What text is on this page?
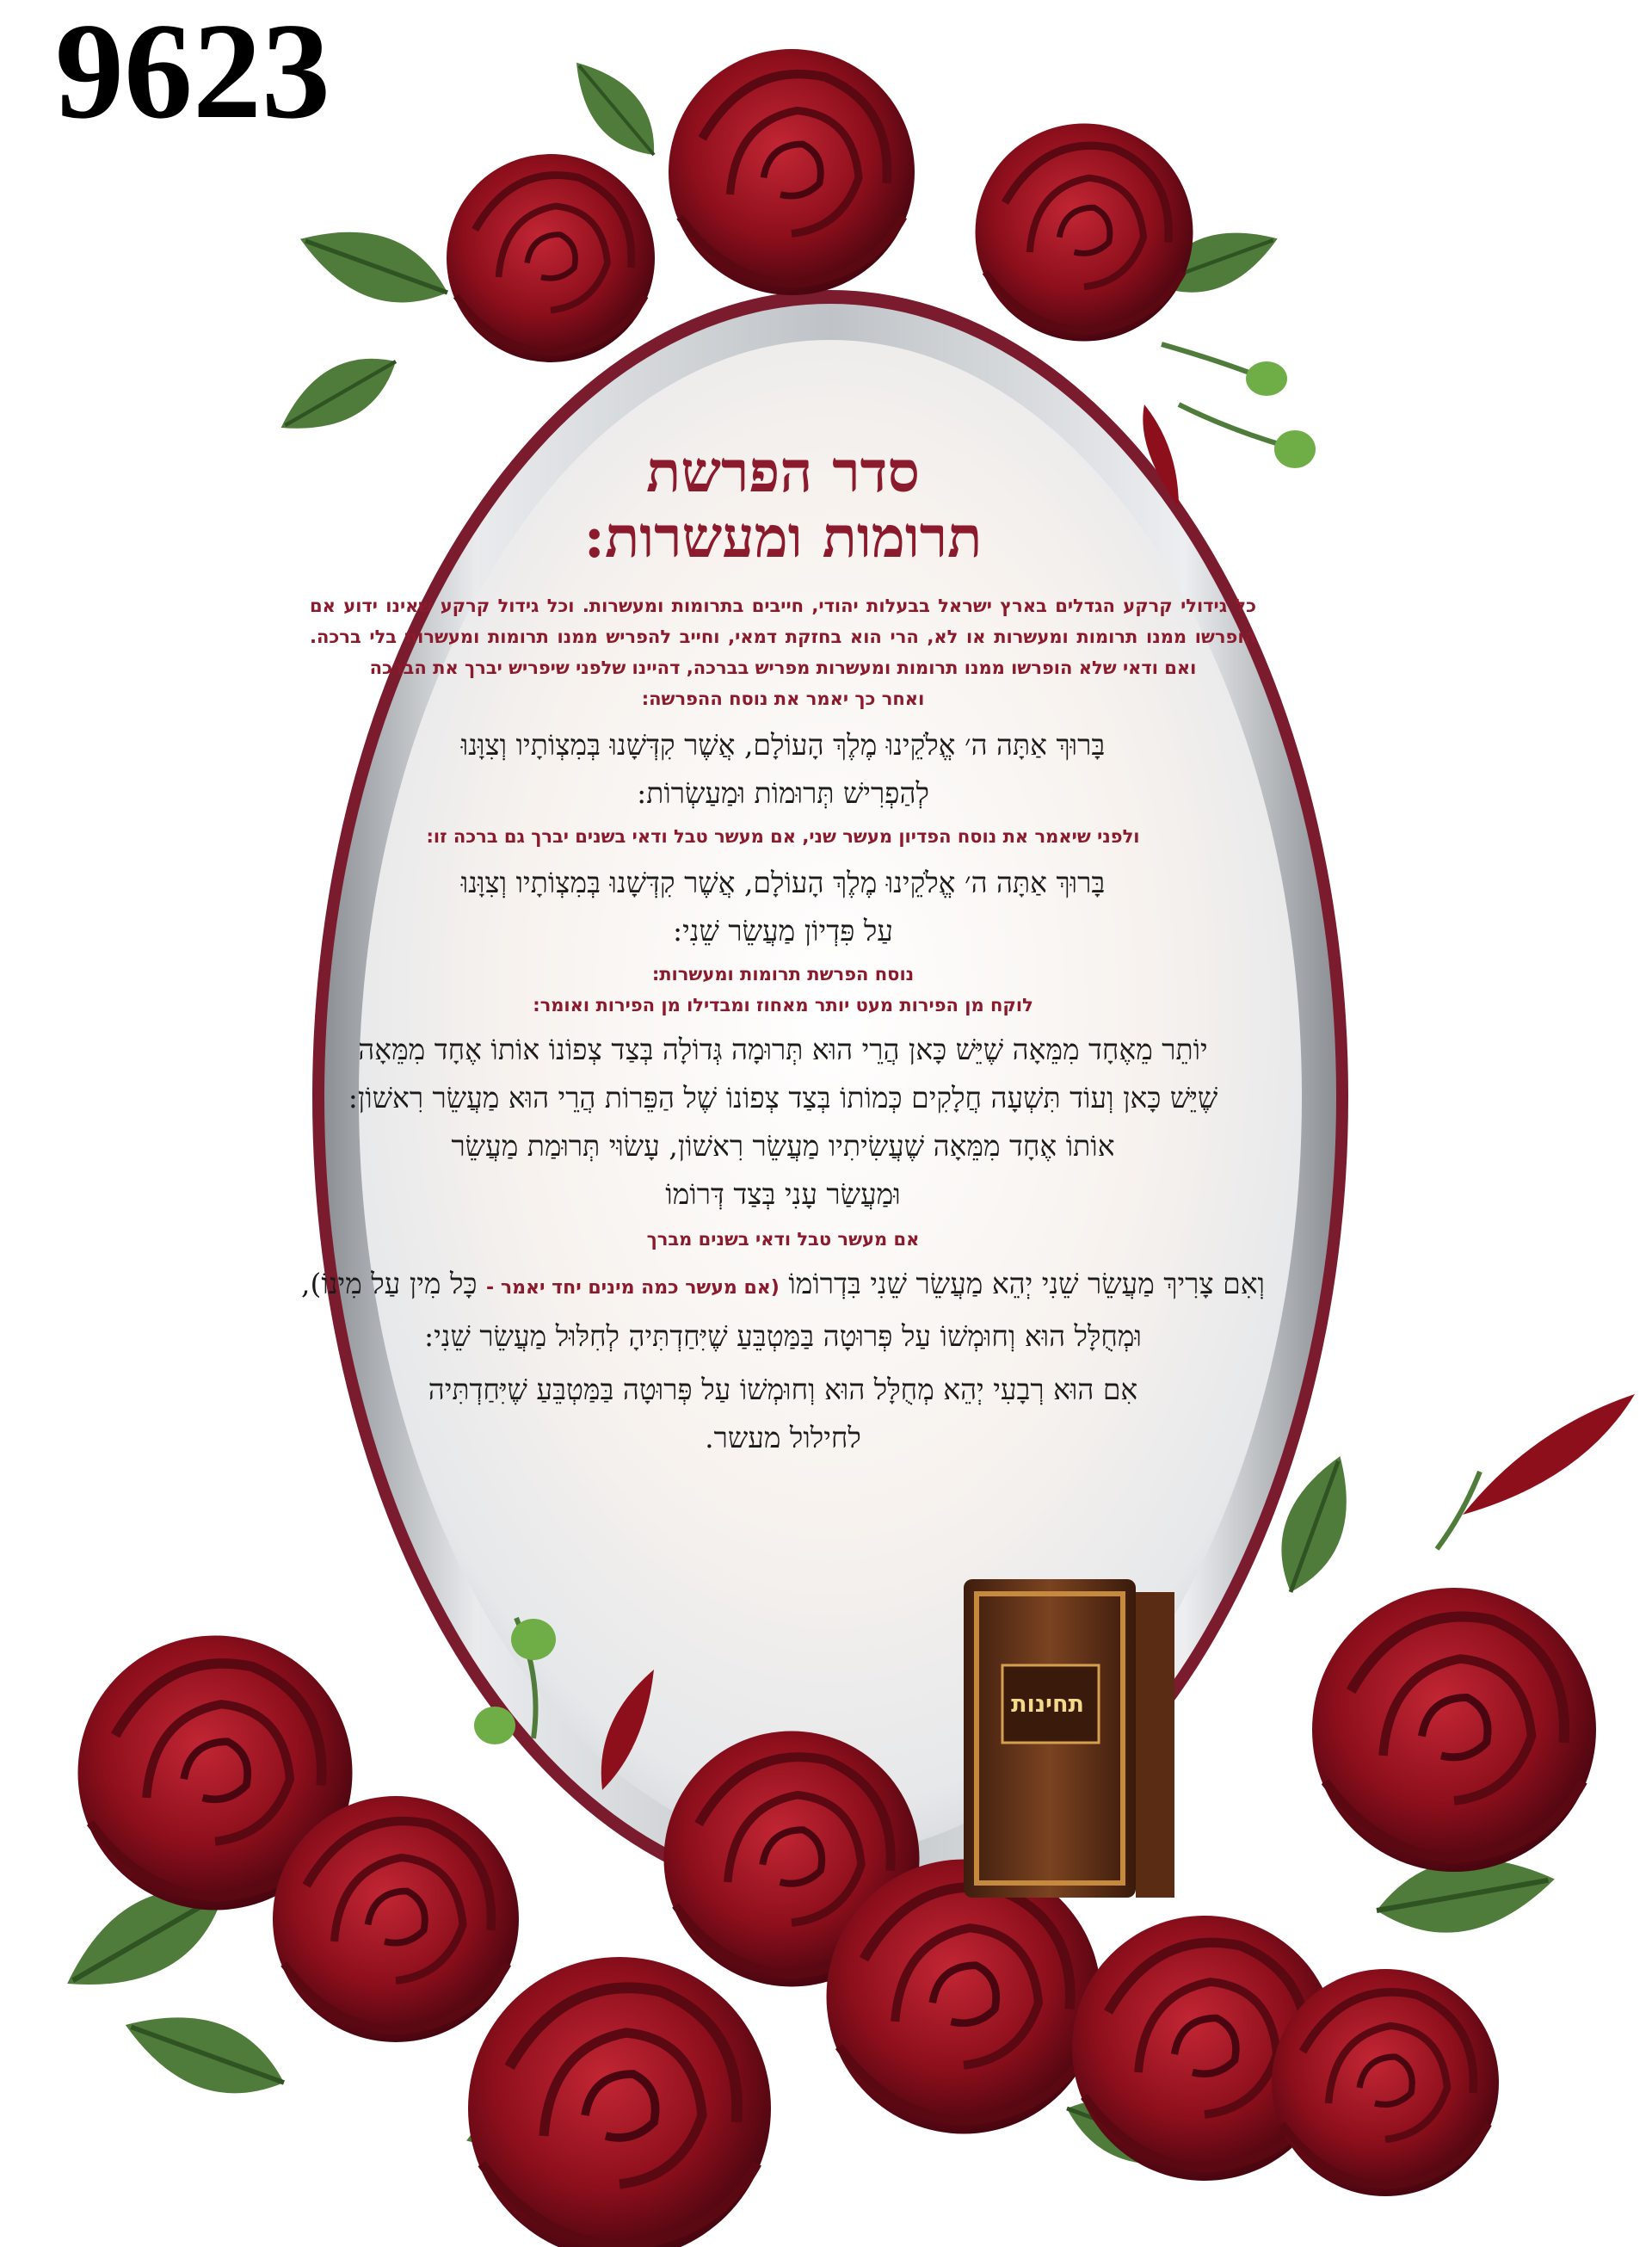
9623
תחינות
סדר הפרשת
תרומות ומעשרות:

כל גידולי קרקע הגדלים בארץ ישראל בבעלות יהודי, חייבים בתרומות ומעשרות. וכל גידול קרקע שאינו ידוע אם הופרשו ממנו תרומות ומעשרות או לא, הרי הוא בחזקת דמאי, וחייב להפריש ממנו תרומות ומעשרות בלי ברכה. ואם ודאי שלא הופרשו ממנו תרומות ומעשרות מפריש בברכה, דהיינו שלפני שיפריש יברך את הברכה

ואחר כך יאמר את נוסח ההפרשה:

בָּרוּךְ אַתָּה ה׳ אֱלֹקֵינוּ מֶלֶךְ הָעוֹלָם, אֲשֶׁר קִדְּשָׁנוּ בְּמִצְוֹתָיו וְצִוָּנוּ
לְהַפְרִישׁ תְּרוּמוֹת וּמַעַשְׂרוֹת:

ולפני שיאמר את נוסח הפדיון מעשר שני, אם מעשר טבל ודאי בשנים יברך גם ברכה זו:

בָּרוּךְ אַתָּה ה׳ אֱלֹקֵינוּ מֶלֶךְ הָעוֹלָם, אֲשֶׁר קִדְּשָׁנוּ בְּמִצְוֹתָיו וְצִוָּנוּ
עַל פִּדְיוֹן מַעֲשֵׂר שֵׁנִי:

נוסח הפרשת תרומות ומעשרות:

לוקח מן הפירות מעט יותר מאחוז ומבדילו מן הפירות ואומר:

יוֹתֵר מֵאֶחָד מִמֵּאָה שֶׁיֵּשׁ כָּאן הֲרֵי הוּא תְּרוּמָה גְּדוֹלָה בְּצַד צְפוֹנוֹ אוֹתוֹ אֶחָד מִמֵּאָה
שֶׁיֵּשׁ כָּאן וְעוֹד תִּשְׁעָה חֲלָקִים כְּמוֹתוֹ בְּצַד צְפוֹנוֹ שֶׁל הַפֵּרוֹת הֲרֵי הוּא מַעֲשֵׂר רִאשׁוֹן:
אוֹתוֹ אֶחָד מִמֵּאָה שֶׁעֲשִׂיתִיו מַעֲשֵׂר רִאשׁוֹן, עָשׂוּי תְּרוּמַת מַעֲשֵׂר
וּמַעֲשַׂר עָנִי בְּצַד דְּרוֹמוֹ

אם מעשר טבל ודאי בשנים מברך

וְאִם צָרִיךְ מַעֲשֵׂר שֵׁנִי יְהֵא מַעֲשֵׂר שֵׁנִי בִּדְרוֹמוֹ (אם מעשר כמה מינים יחד יאמר - כָּל מִין עַל מִינוֹ), וּמְחֻלָּל הוּא וְחוּמְשׁוֹ עַל פְּרוּטָה בַּמַּטְבֵּעַ שֶׁיִּחַדְתִּיהָ לְחִלּוּל מַעֲשֵׂר שֵׁנִי:
אִם הוּא רְבָעִי יְהֵא מְחֻלָּל הוּא וְחוּמְשׁוֹ עַל פְּרוּטָה בַּמַּטְבֵּעַ שֶׁיִּחַדְתִּיה
לחילול מעשר.
